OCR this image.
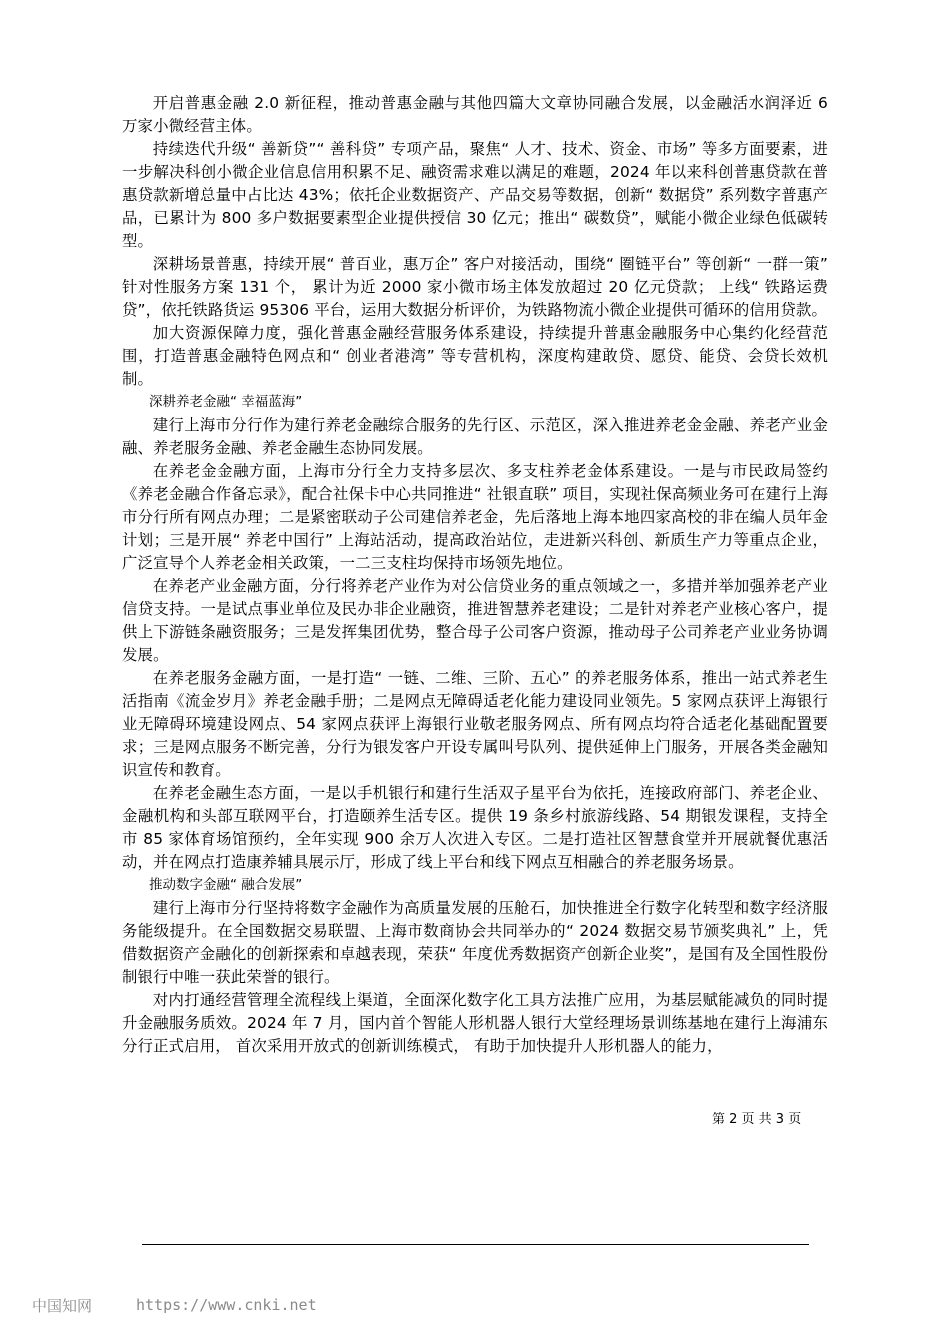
开启普惠金融 2.0 新征程，推动普惠金融与其他四篇大文章协同融合发展，以金融活水润泽近 6 万家小微经营主体。

持续迭代升级“ 善新贷”“ 善科贷” 专项产品，聚焦“ 人才、技术、资金、市场” 等多方面要素，进一步解决科创小微企业信息信用积累不足、融资需求难以满足的难题，2024 年以来科创普惠贷款在普惠贷款新增总量中占比达 43%；依托企业数据资产、产品交易等数据，创新“ 数据贷” 系列数字普惠产品，已累计为 800 多户数据要素型企业提供授信 30 亿元；推出“ 碳数贷”，赋能小微企业绿色低碳转型。

深耕场景普惠，持续开展“ 普百业，惠万企” 客户对接活动，围绕“ 圈链平台” 等创新“ 一群一策” 针对性服务方案 131 个， 累计为近 2000 家小微市场主体发放超过 20 亿元贷款； 上线“ 铁路运费贷”，依托铁路货运 95306 平台，运用大数据分析评价，为铁路物流小微企业提供可循环的信用贷款。

加大资源保障力度，强化普惠金融经营服务体系建设，持续提升普惠金融服务中心集约化经营范围，打造普惠金融特色网点和“ 创业者港湾” 等专营机构，深度构建敢贷、愿贷、能贷、会贷长效机制。

深耕养老金融“ 幸福蓝海”

建行上海市分行作为建行养老金融综合服务的先行区、示范区，深入推进养老金金融、养老产业金融、养老服务金融、养老金融生态协同发展。

在养老金金融方面，上海市分行全力支持多层次、多支柱养老金体系建设。一是与市民政局签约《养老金融合作备忘录》，配合社保卡中心共同推进“ 社银直联” 项目，实现社保高频业务可在建行上海市分行所有网点办理；二是紧密联动子公司建信养老金，先后落地上海本地四家高校的非在编人员年金计划；三是开展“ 养老中国行” 上海站活动，提高政治站位，走进新兴科创、新质生产力等重点企业，广泛宣导个人养老金相关政策，一二三支柱均保持市场领先地位。

在养老产业金融方面，分行将养老产业作为对公信贷业务的重点领域之一，多措并举加强养老产业信贷支持。一是试点事业单位及民办非企业融资，推进智慧养老建设；二是针对养老产业核心客户，提供上下游链条融资服务；三是发挥集团优势，整合母子公司客户资源，推动母子公司养老产业业务协调发展。

在养老服务金融方面，一是打造“ 一链、二维、三阶、五心” 的养老服务体系，推出一站式养老生活指南《流金岁月》养老金融手册；二是网点无障碍适老化能力建设同业领先。5 家网点获评上海银行业无障碍环境建设网点、54 家网点获评上海银行业敬老服务网点、所有网点均符合适老化基础配置要求；三是网点服务不断完善，分行为银发客户开设专属叫号队列、提供延伸上门服务，开展各类金融知识宣传和教育。

在养老金融生态方面，一是以手机银行和建行生活双子星平台为依托，连接政府部门、养老企业、金融机构和头部互联网平台，打造颐养生活专区。提供 19 条乡村旅游线路、54 期银发课程，支持全市 85 家体育场馆预约，全年实现 900 余万人次进入专区。二是打造社区智慧食堂并开展就餐优惠活动，并在网点打造康养辅具展示厅，形成了线上平台和线下网点互相融合的养老服务场景。

推动数字金融“ 融合发展”

建行上海市分行坚持将数字金融作为高质量发展的压舱石，加快推进全行数字化转型和数字经济服务能级提升。在全国数据交易联盟、上海市数商协会共同举办的“ 2024 数据交易节颁奖典礼” 上，凭借数据资产金融化的创新探索和卓越表现，荣获“ 年度优秀数据资产创新企业奖”，是国有及全国性股份制银行中唯一获此荣誉的银行。

对内打通经营管理全流程线上渠道，全面深化数字化工具方法推广应用，为基层赋能减负的同时提升金融服务质效。2024 年 7 月，国内首个智能人形机器人银行大堂经理场景训练基地在建行上海浦东分行正式启用， 首次采用开放式的创新训练模式， 有助于加快提升人形机器人的能力，

第 2 页 共 3 页
中国知网	https://www.cnki.net
